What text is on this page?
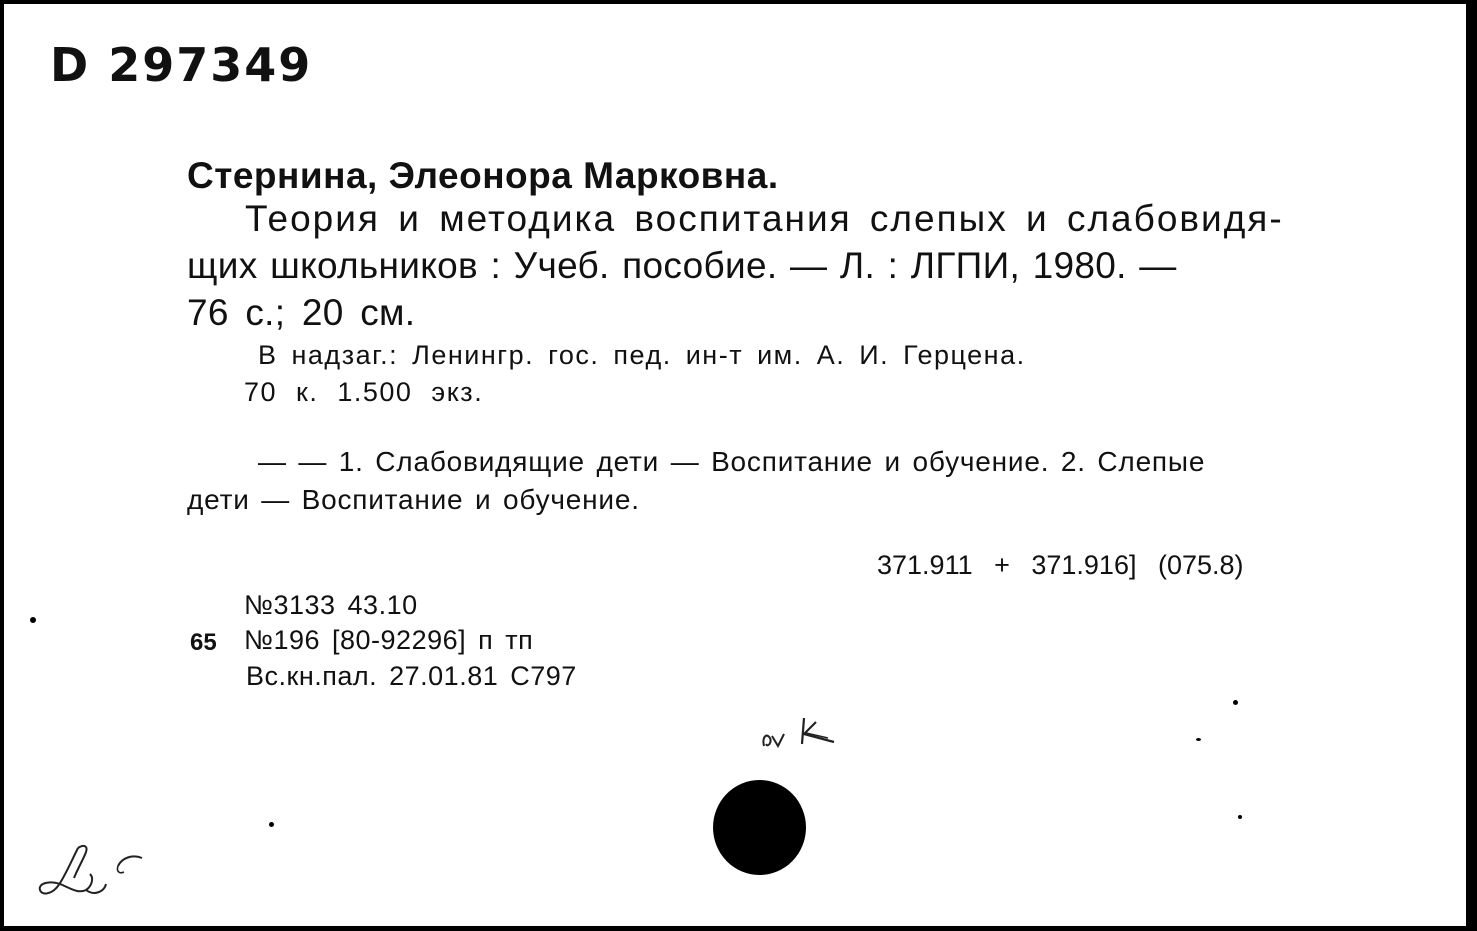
D 297349
Стернина, Элеонора Марковна.
Теория и методика воспитания слепых и слабовидя-
щих школьников : Учеб. пособие. — Л. : ЛГПИ, 1980. —
76 с.; 20 см.
В надзаг.: Ленингр. гос. пед. ин-т им. А. И. Герцена.
70 к. 1.500 экз.
— — 1. Слабовидящие дети — Воспитание и обучение. 2. Слепые
дети — Воспитание и обучение.
371.911 + 371.916] (075.8)
№3133 43.10
65 №196 [80-92296] п тп
Вс.кн.пал. 27.01.81 С797
